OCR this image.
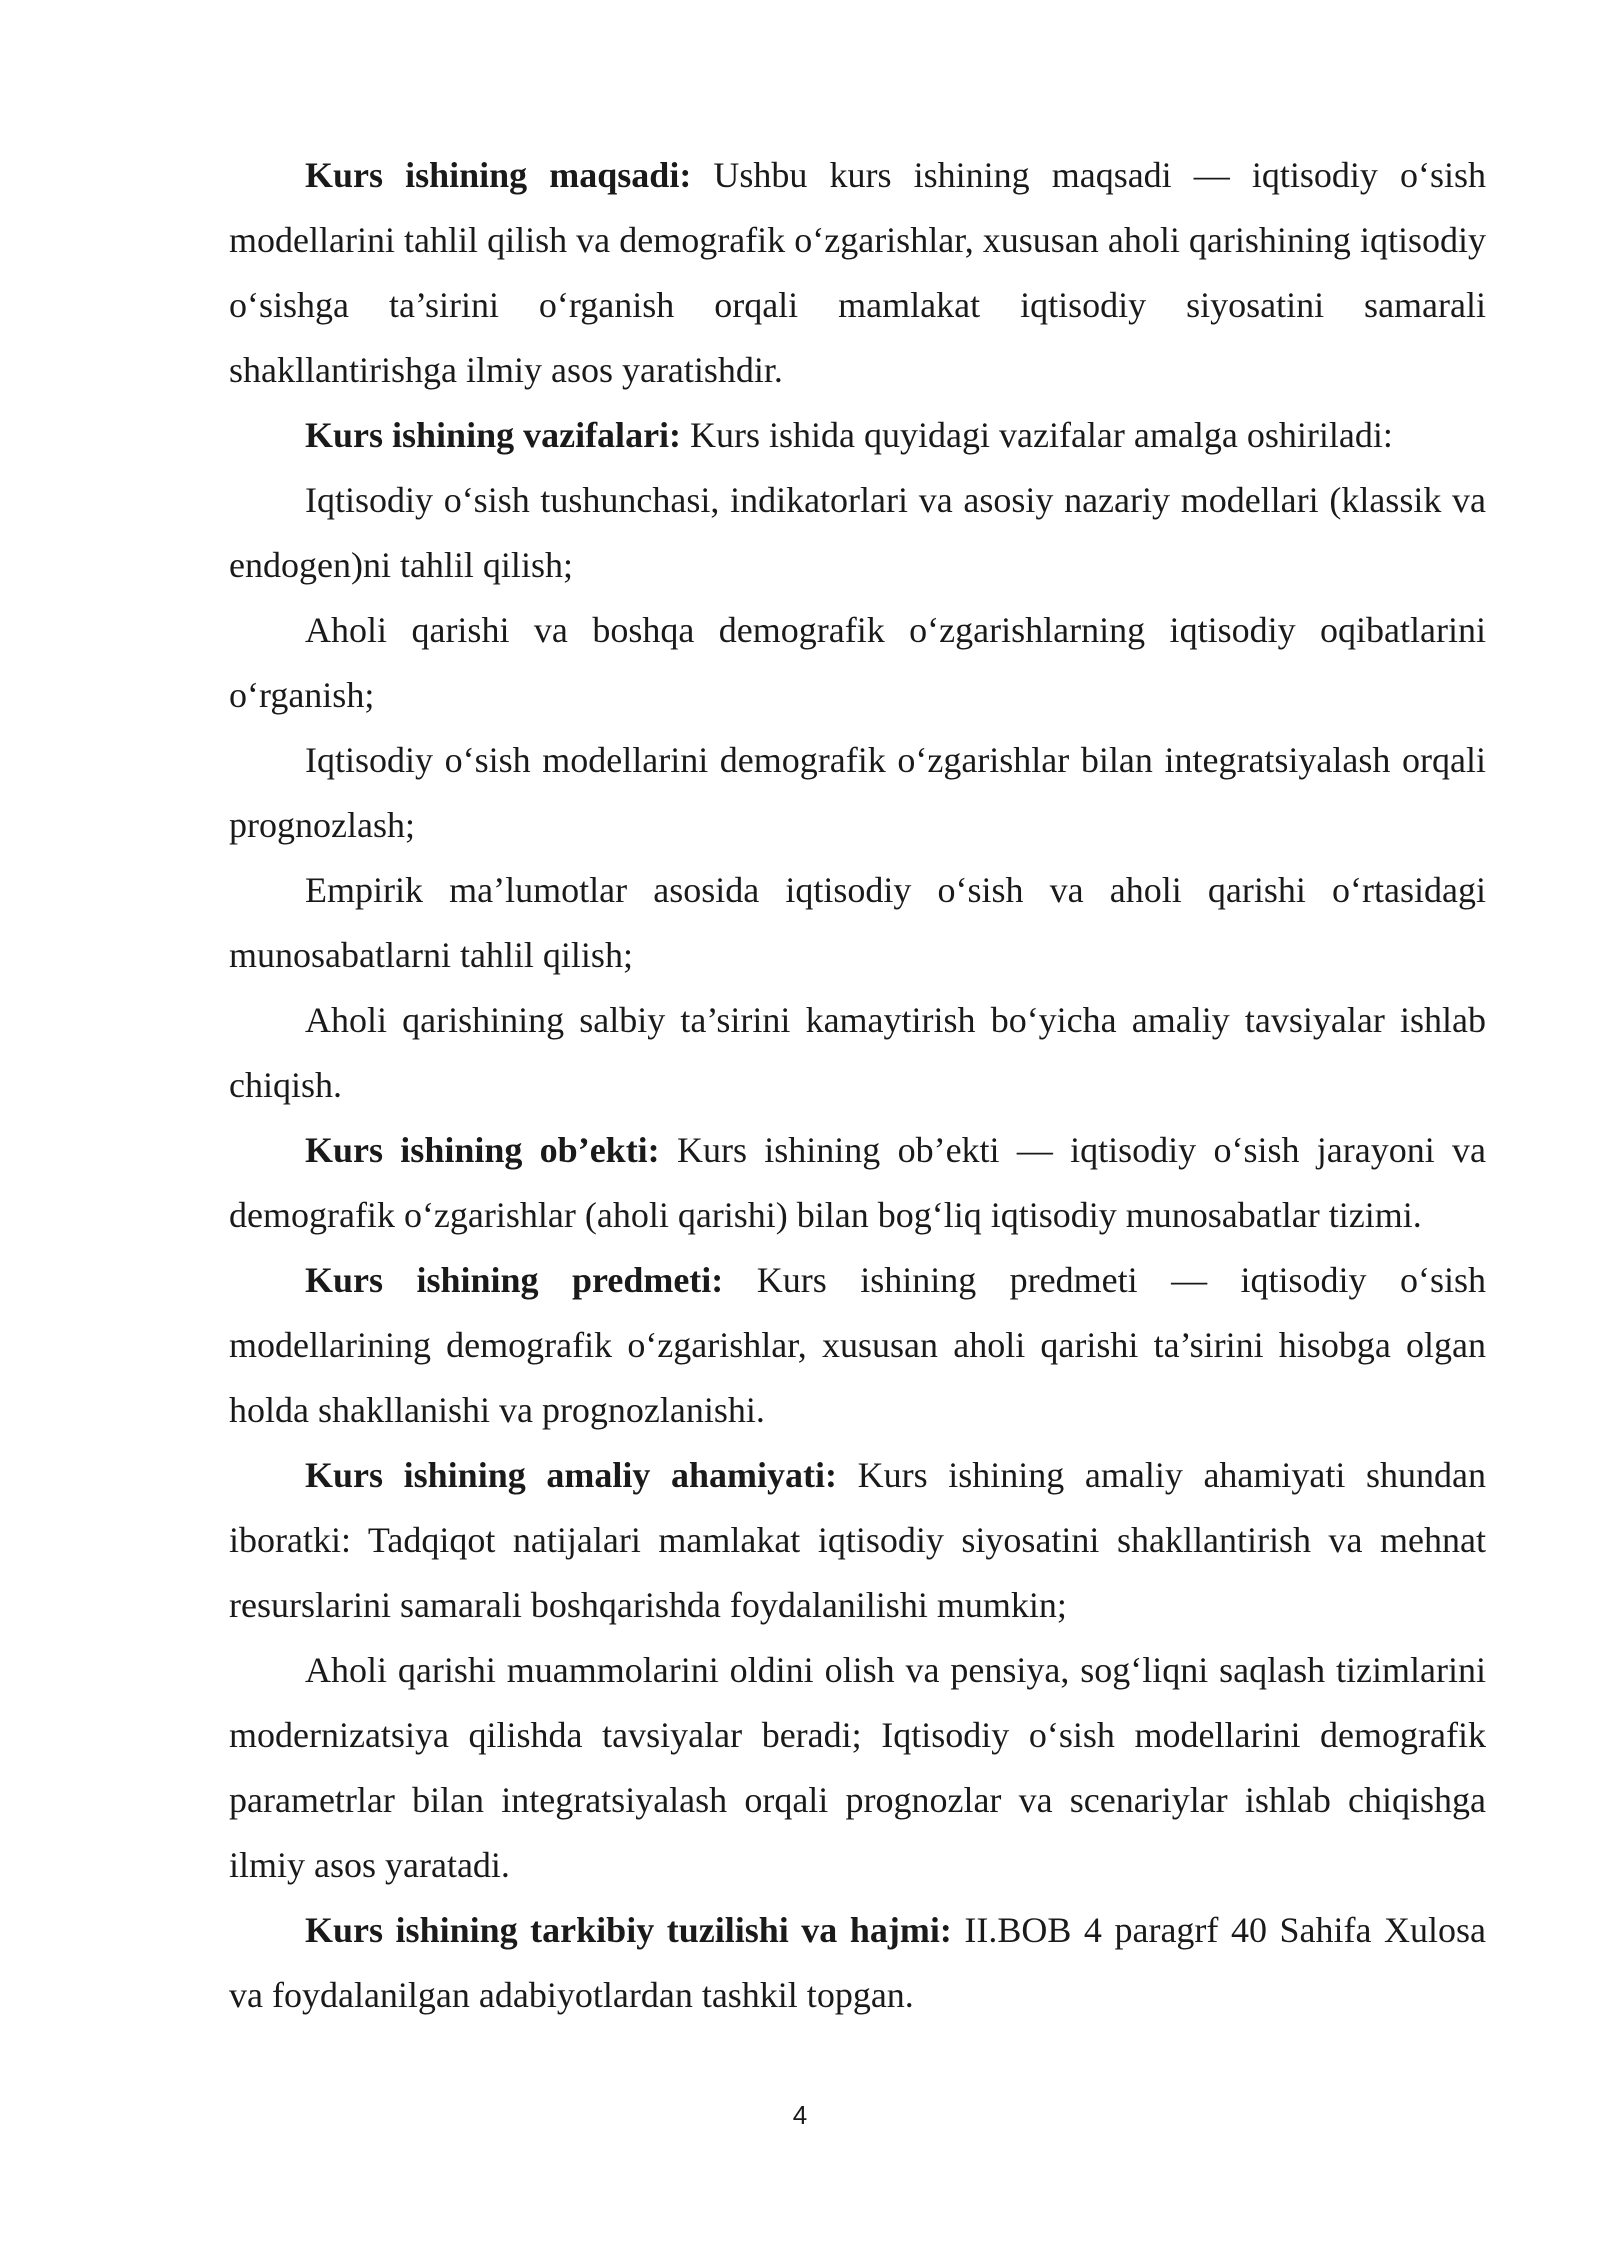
Kurs ishining maqsadi: Ushbu kurs ishining maqsadi — iqtisodiy o‘sish modellarini tahlil qilish va demografik o‘zgarishlar, xususan aholi qarishining iqtisodiy o‘sishga ta’sirini o‘rganish orqali mamlakat iqtisodiy siyosatini samarali shakllantirishga ilmiy asos yaratishdir.

Kurs ishining vazifalari: Kurs ishida quyidagi vazifalar amalga oshiriladi:

Iqtisodiy o‘sish tushunchasi, indikatorlari va asosiy nazariy modellari (klassik va endogen)ni tahlil qilish;

Aholi qarishi va boshqa demografik o‘zgarishlarning iqtisodiy oqibatlarini o‘rganish;

Iqtisodiy o‘sish modellarini demografik o‘zgarishlar bilan integratsiyalash orqali prognozlash;

Empirik ma’lumotlar asosida iqtisodiy o‘sish va aholi qarishi o‘rtasidagi munosabatlarni tahlil qilish;

Aholi qarishining salbiy ta’sirini kamaytirish bo‘yicha amaliy tavsiyalar ishlab chiqish.

Kurs ishining ob’ekti: Kurs ishining ob’ekti — iqtisodiy o‘sish jarayoni va demografik o‘zgarishlar (aholi qarishi) bilan bog‘liq iqtisodiy munosabatlar tizimi.

Kurs ishining predmeti: Kurs ishining predmeti — iqtisodiy o‘sish modellarining demografik o‘zgarishlar, xususan aholi qarishi ta’sirini hisobga olgan holda shakllanishi va prognozlanishi.

Kurs ishining amaliy ahamiyati: Kurs ishining amaliy ahamiyati shundan iboratki: Tadqiqot natijalari mamlakat iqtisodiy siyosatini shakllantirish va mehnat resurslarini samarali boshqarishda foydalanilishi mumkin;

Aholi qarishi muammolarini oldini olish va pensiya, sog‘liqni saqlash tizimlarini modernizatsiya qilishda tavsiyalar beradi; Iqtisodiy o‘sish modellarini demografik parametrlar bilan integratsiyalash orqali prognozlar va scenariylar ishlab chiqishga ilmiy asos yaratadi.

Kurs ishining tarkibiy tuzilishi va hajmi: II.BOB 4 paragrf 40 Sahifa Xulosa va foydalanilgan adabiyotlardan tashkil topgan.

4
